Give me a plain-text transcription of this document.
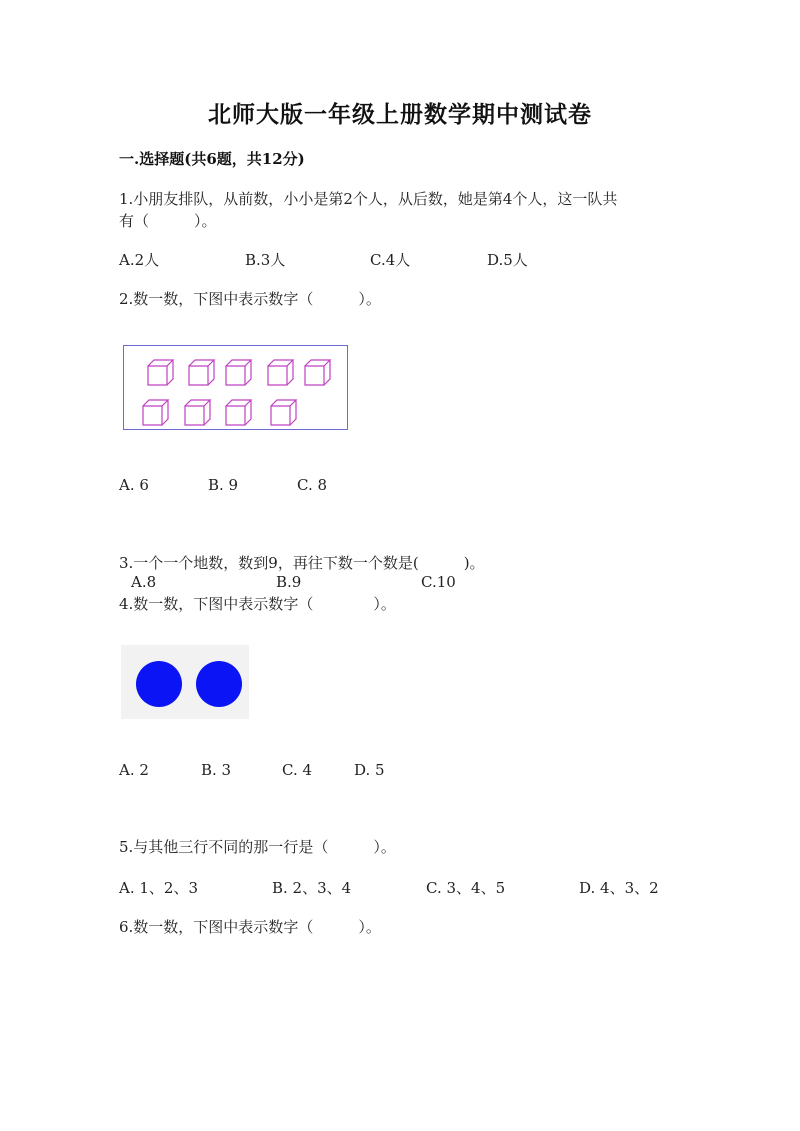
北师大版一年级上册数学期中测试卷
一.选择题(共6题，共12分)
1.小朋友排队，从前数，小小是第2个人，从后数，她是第4个人，这一队共
有（　　　）。
A.2人	B.3人	C.4人	D.5人
2.数一数，下图中表示数字（　　　）。
A. 6	B. 9	C. 8
3.一个一个地数，数到9，再往下数一个数是(　　　)。
A.8	B.9	C.10
4.数一数，下图中表示数字（　　　　）。
A. 2	B. 3	C. 4	D. 5
5.与其他三行不同的那一行是（　　　）。
A. 1、2、3	B. 2、3、4	C. 3、4、5	D. 4、3、2
6.数一数，下图中表示数字（　　　）。
